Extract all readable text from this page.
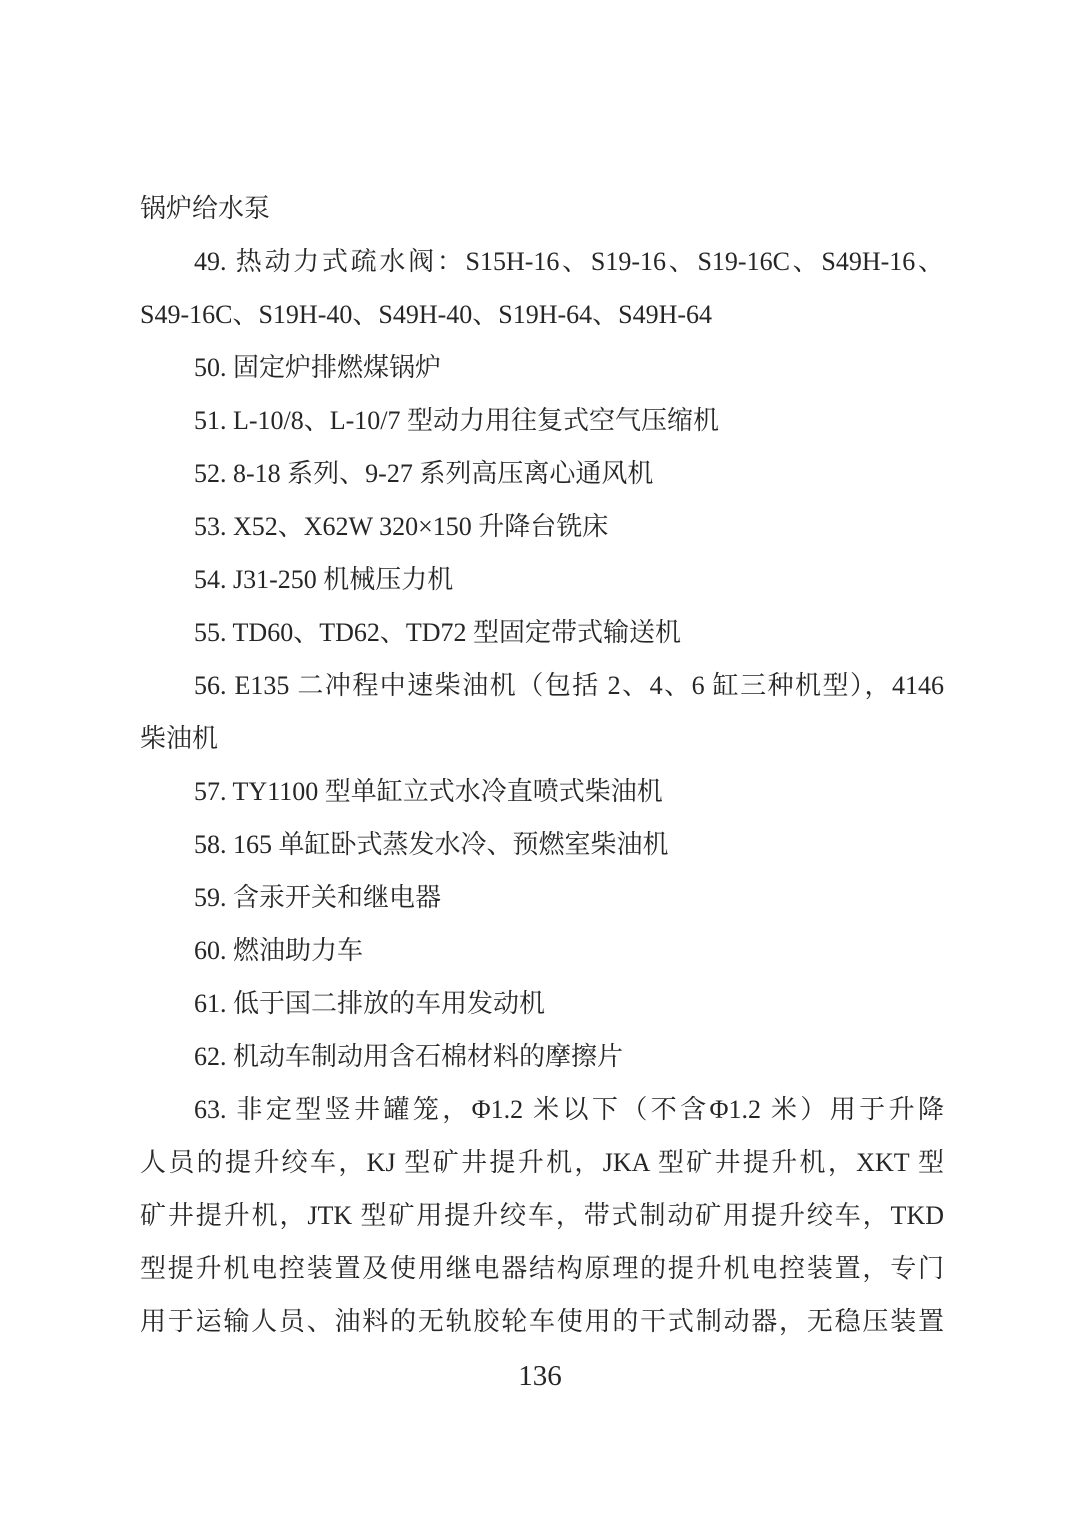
锅炉给水泵
49. 热动力式疏水阀：S15H-16、S19-16、S19-16C、S49H-16、
S49-16C、S19H-40、S49H-40、S19H-64、S49H-64
50. 固定炉排燃煤锅炉
51. L-10/8、L-10/7 型动力用往复式空气压缩机
52. 8-18 系列、9-27 系列高压离心通风机
53. X52、X62W 320×150 升降台铣床
54. J31-250 机械压力机
55. TD60、TD62、TD72 型固定带式输送机
56. E135 二冲程中速柴油机（包括 2、4、6 缸三种机型），4146
柴油机
57. TY1100 型单缸立式水冷直喷式柴油机
58. 165 单缸卧式蒸发水冷、预燃室柴油机
59. 含汞开关和继电器
60. 燃油助力车
61. 低于国二排放的车用发动机
62. 机动车制动用含石棉材料的摩擦片
63. 非定型竖井罐笼，Φ1.2 米以下（不含Φ1.2 米）用于升降
人员的提升绞车，KJ 型矿井提升机，JKA 型矿井提升机，XKT 型
矿井提升机，JTK 型矿用提升绞车，带式制动矿用提升绞车，TKD
型提升机电控装置及使用继电器结构原理的提升机电控装置，专门
用于运输人员、油料的无轨胶轮车使用的干式制动器，无稳压装置
136
